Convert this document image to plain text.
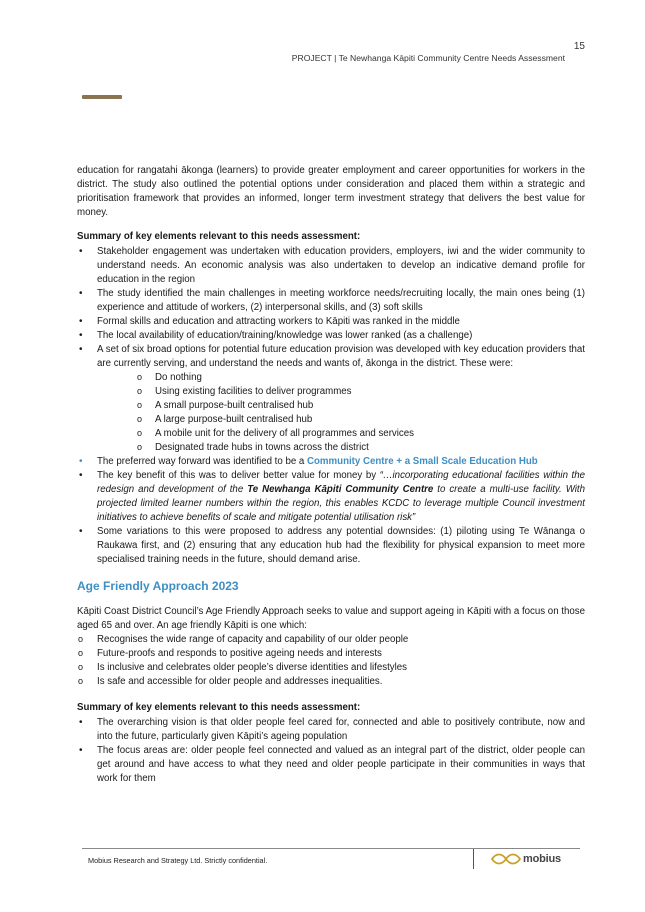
15
PROJECT | Te Newhanga Kāpiti Community Centre Needs Assessment

education for rangatahi ākonga (learners) to provide greater employment and career opportunities for workers in the district. The study also outlined the potential options under consideration and placed them within a strategic and prioritisation framework that provides an informed, longer term investment strategy that delivers the best value for money.

Summary of key elements relevant to this needs assessment:
• Stakeholder engagement was undertaken with education providers, employers, iwi and the wider community to understand needs. An economic analysis was also undertaken to develop an indicative demand profile for education in the region
• The study identified the main challenges in meeting workforce needs/recruiting locally, the main ones being (1) experience and attitude of workers, (2) interpersonal skills, and (3) soft skills
• Formal skills and education and attracting workers to Kāpiti was ranked in the middle
• The local availability of education/training/knowledge was lower ranked (as a challenge)
• A set of six broad options for potential future education provision was developed with key education providers that are currently serving, and understand the needs and wants of, ākonga in the district. These were:
o Do nothing
o Using existing facilities to deliver programmes
o A small purpose-built centralised hub
o A large purpose-built centralised hub
o A mobile unit for the delivery of all programmes and services
o Designated trade hubs in towns across the district
• The preferred way forward was identified to be a Community Centre + a Small Scale Education Hub
• The key benefit of this was to deliver better value for money by “…incorporating educational facilities within the redesign and development of the Te Newhanga Kāpiti Community Centre to create a multi-use facility. With projected limited learner numbers within the region, this enables KCDC to leverage multiple Council investment initiatives to achieve benefits of scale and mitigate potential utilisation risk”
• Some variations to this were proposed to address any potential downsides: (1) piloting using Te Wānanga o Raukawa first, and (2) ensuring that any education hub had the flexibility for physical expansion to meet more specialised training needs in the future, should demand arise.
Age Friendly Approach 2023

Kāpiti Coast District Council’s Age Friendly Approach seeks to value and support ageing in Kāpiti with a focus on those aged 65 and over. An age friendly Kāpiti is one which:

o Recognises the wide range of capacity and capability of our older people
o Future-proofs and responds to positive ageing needs and interests
o Is inclusive and celebrates older people’s diverse identities and lifestyles
o Is safe and accessible for older people and addresses inequalities.
Summary of key elements relevant to this needs assessment:
• The overarching vision is that older people feel cared for, connected and able to positively contribute, now and into the future, particularly given Kāpiti’s ageing population
• The focus areas are: older people feel connected and valued as an integral part of the district, older people can get around and have access to what they need and older people participate in their communities in ways that work for them
Mobius Research and Strategy Ltd. Strictly confidential.	mobius
